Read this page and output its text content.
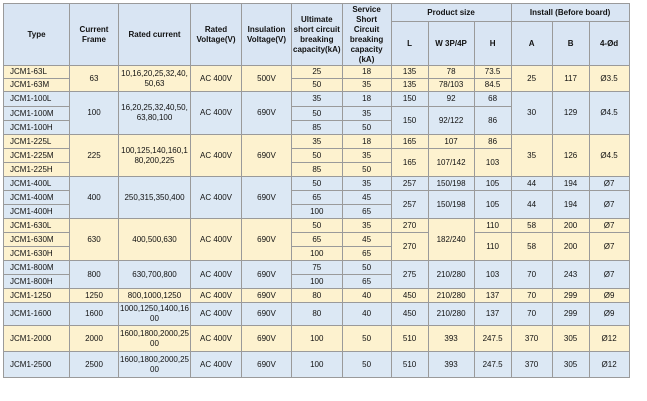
Type	Current Frame	Rated current	Rated Voltage(V)	Insulation Voltage(V)	Ultimate short circuit breaking capacity(kA)	Service Short Circuit breaking capacity (kA)	Product size			Install (Before board)		
							L	W 3P/4P	H	A	B	4-Ød
JCM1-63L	63	10,16,20,25,32,40,50,63	AC 400V	500V	25	18	135	78	73.5	25	117	Ø3.5
JCM1-63M					50	35	135	78/103	84.5			
JCM1-100L	100	16,20,25,32,40,50,63,80,100	AC 400V	690V	35	18	150	92	68	30	129	Ø4.5
JCM1-100M					50	35	150	92/122	86			
JCM1-100H					85	50						
JCM1-225L	225	100,125,140,160,180,200,225	AC 400V	690V	35	18	165	107	86	35	126	Ø4.5
JCM1-225M					50	35	165	107/142	103			
JCM1-225H					85	50						
JCM1-400L	400	250,315,350,400	AC 400V	690V	50	35	257	150/198	105	44	194	Ø7
JCM1-400M					65	45	257	150/198	105	44	194	Ø7
JCM1-400H					100	65						
JCM1-630L	630	400,500,630	AC 400V	690V	50	35	270	182/240	110	58	200	Ø7
JCM1-630M					65	45	270		110	58	200	Ø7
JCM1-630H					100	65						
JCM1-800M	800	630,700,800	AC 400V	690V	75	50	275	210/280	103	70	243	Ø7
JCM1-800H					100	65						
JCM1-1250	1250	800,1000,1250	AC 400V	690V	80	40	450	210/280	137	70	299	Ø9
JCM1-1600	1600	1000,1250,1400,1600	AC 400V	690V	80	40	450	210/280	137	70	299	Ø9
JCM1-2000	2000	1600,1800,2000,2500	AC 400V	690V	100	50	510	393	247.5	370	305	Ø12
JCM1-2500	2500	1600,1800,2000,2500	AC 400V	690V	100	50	510	393	247.5	370	305	Ø12
